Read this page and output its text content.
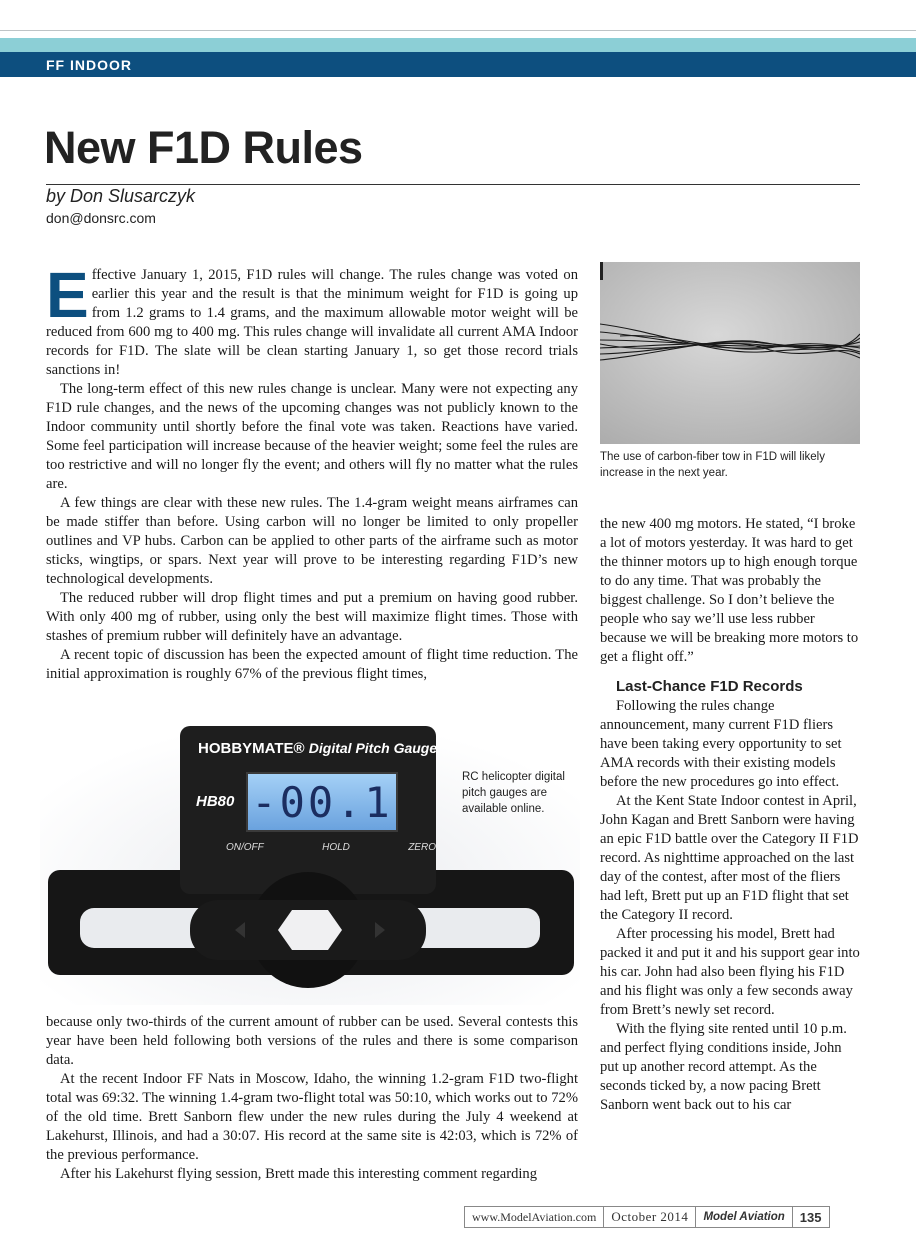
FF INDOOR
New F1D Rules
by Don Slusarczyk
don@donsrc.com

Effective January 1, 2015, F1D rules will change. The rules change was voted on earlier this year and the result is that the minimum weight for F1D is going up from 1.2 grams to 1.4 grams, and the maximum allowable motor weight will be reduced from 600 mg to 400 mg. This rules change will invalidate all current AMA Indoor records for F1D. The slate will be clean starting January 1, so get those record trials sanctions in!

The long-term effect of this new rules change is unclear. Many were not expecting any F1D rule changes, and the news of the upcoming changes was not publicly known to the Indoor community until shortly before the final vote was taken. Reactions have varied. Some feel participation will increase because of the heavier weight; some feel the rules are too restrictive and will no longer fly the event; and others will fly no matter what the rules are.

A few things are clear with these new rules. The 1.4-gram weight means airframes can be made stiffer than before. Using carbon will no longer be limited to only propeller outlines and VP hubs. Carbon can be applied to other parts of the airframe such as motor sticks, wingtips, or spars. Next year will prove to be interesting regarding F1D’s new technological developments.

The reduced rubber will drop flight times and put a premium on having good rubber. With only 400 mg of rubber, using only the best will maximize flight times. Those with stashes of premium rubber will definitely have an advantage.

A recent topic of discussion has been the expected amount of flight time reduction. The initial approximation is roughly 67% of the previous flight times,

The use of carbon-fiber tow in F1D will likely increase in the next year.

the new 400 mg motors. He stated, “I broke a lot of motors yesterday. It was hard to get the thinner motors up to high enough torque to do any time. That was probably the biggest challenge. So I don’t believe the people who say we’ll use less rubber because we will be breaking more motors to get a flight off.”

Last-Chance F1D Records

Following the rules change announcement, many current F1D fliers have been taking every opportunity to set AMA records with their existing models before the new procedures go into effect.

At the Kent State Indoor contest in April, John Kagan and Brett Sanborn were having an epic F1D battle over the Category II F1D record. As nighttime approached on the last day of the contest, after most of the fliers had left, Brett put up an F1D flight that set the Category II record.

After processing his model, Brett had packed it and put it and his support gear into his car. John had also been flying his F1D and his flight was only a few seconds away from Brett’s newly set record.

With the flying site rented until 10 p.m. and perfect flying conditions inside, John put up another record attempt. As the seconds ticked by, a now pacing Brett Sanborn went back out to his car

HOBBYMATE® Digital Pitch Gauge
HB80 -00.1
ON/OFF	HOLD	ZERO
RC helicopter digital pitch gauges are available online.

because only two-thirds of the current amount of rubber can be used. Several contests this year have been held following both versions of the rules and there is some comparison data.

At the recent Indoor FF Nats in Moscow, Idaho, the winning 1.2-gram F1D two-flight total was 69:32. The winning 1.4-gram two-flight total was 50:10, which works out to 72% of the old time. Brett Sanborn flew under the new rules during the July 4 weekend at Lakehurst, Illinois, and had a 30:07. His record at the same site is 42:03, which is 72% of the previous performance.

After his Lakehurst flying session, Brett made this interesting comment regarding

www.ModelAviation.com	October 2014	Model Aviation	135
